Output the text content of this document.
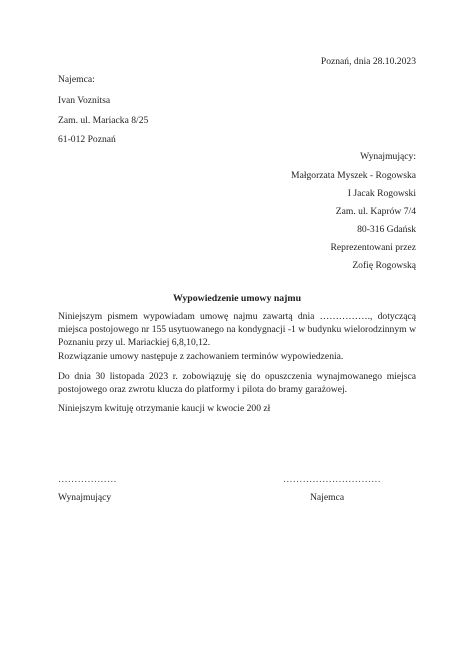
Poznań, dnia 28.10.2023
Najemca:
Ivan Voznitsa
Zam. ul. Mariacka 8/25
61-012 Poznań
Wynajmujący:
Małgorzata Myszek - Rogowska
I Jacak Rogowski
Zam. ul. Kaprów 7/4
80-316 Gdańsk
Reprezentowani przez
Zofię Rogowską
Wypowiedzenie umowy najmu
Niniejszym pismem wypowiadam umowę najmu zawartą dnia ……………., dotyczącą miejsca postojowego nr 155 usytuowanego na kondygnacji -1 w budynku wielorodzinnym w Poznaniu przy ul. Mariackiej 6,8,10,12.
Rozwiązanie umowy następuje z zachowaniem terminów wypowiedzenia.
Do dnia 30 listopada 2023 r. zobowiązuję się do opuszczenia wynajmowanego miejsca postojowego oraz zwrotu klucza do platformy i pilota do bramy garażowej.
Niniejszym kwituję otrzymanie kaucji w kwocie 200 zł
………………	…………………………
Wynajmujący	Najemca
